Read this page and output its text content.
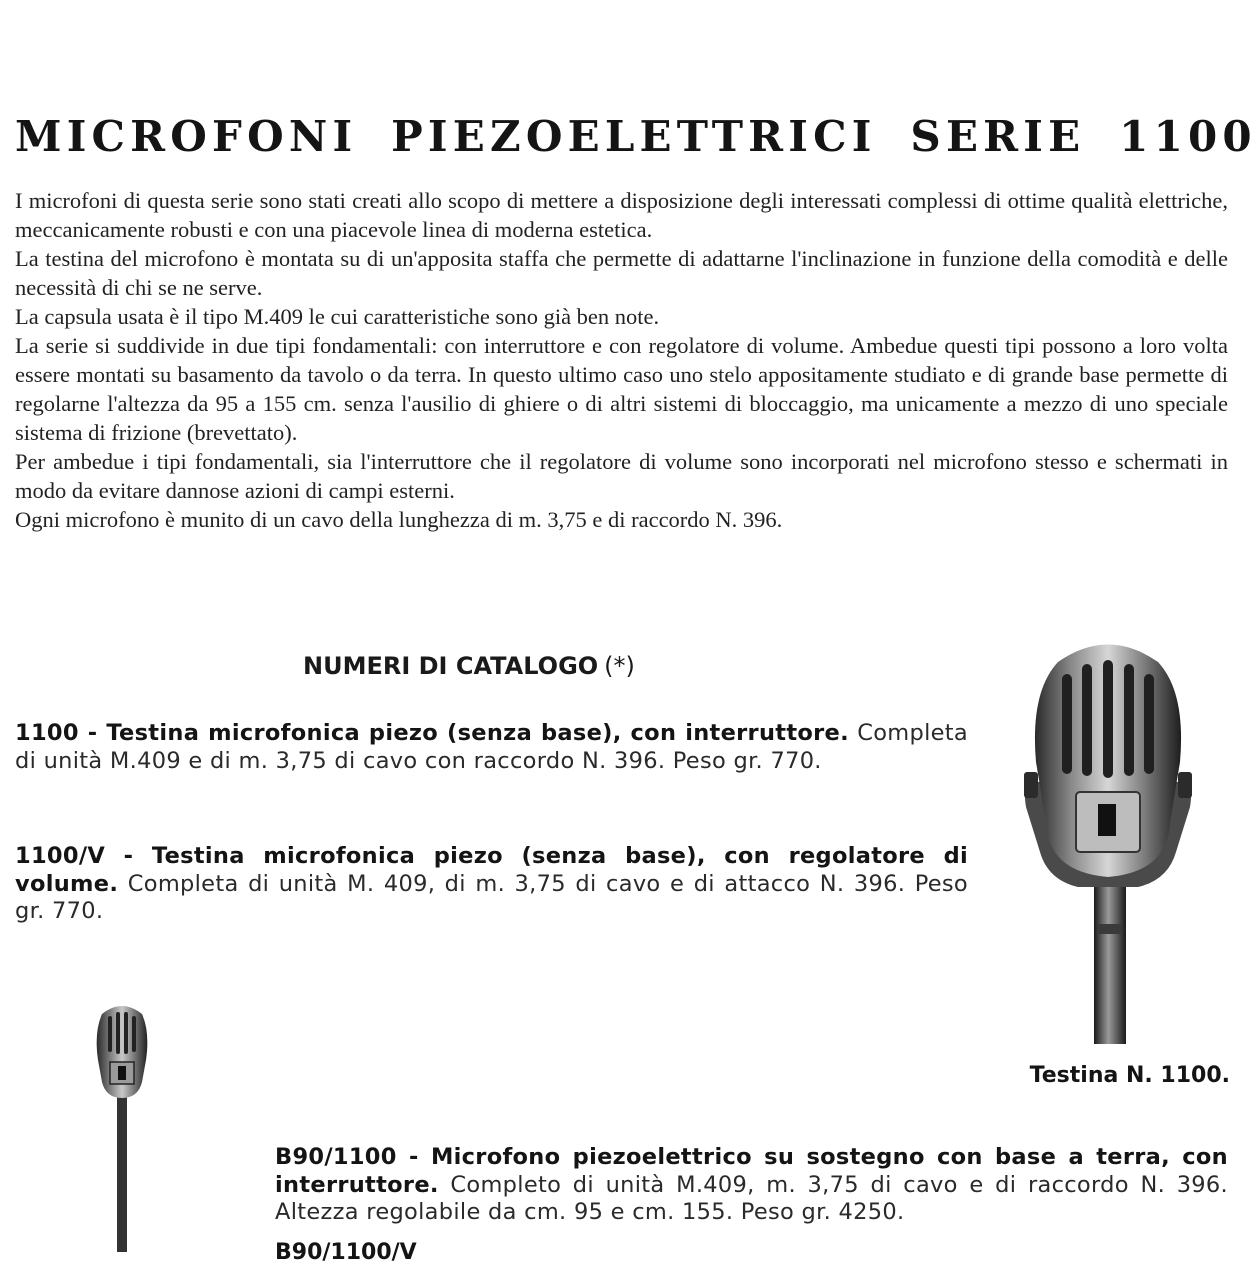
MICROFONI PIEZOELETTRICI SERIE 1100

I microfoni di questa serie sono stati creati allo scopo di mettere a disposizione degli interessati complessi di ottime qualità elettriche, meccanicamente robusti e con una piacevole linea di moderna estetica.

La testina del microfono è montata su di un'apposita staffa che permette di adattarne l'inclinazione in funzione della comodità e delle necessità di chi se ne serve.

La capsula usata è il tipo M.409 le cui caratteristiche sono già ben note.

La serie si suddivide in due tipi fondamentali: con interruttore e con regolatore di volume. Ambedue questi tipi possono a loro volta essere montati su basamento da tavolo o da terra. In questo ultimo caso uno stelo appositamente studiato e di grande base permette di regolarne l'altezza da 95 a 155 cm. senza l'ausilio di ghiere o di altri sistemi di bloccaggio, ma unicamente a mezzo di uno speciale sistema di frizione (brevettato).

Per ambedue i tipi fondamentali, sia l'interruttore che il regolatore di volume sono incorporati nel microfono stesso e schermati in modo da evitare dannose azioni di campi esterni.

Ogni microfono è munito di un cavo della lunghezza di m. 3,75 e di raccordo N. 396.

NUMERI DI CATALOGO (*)

1100 - Testina microfonica piezo (senza base), con interruttore. Completa di unità M.409 e di m. 3,75 di cavo con raccordo N. 396. Peso gr. 770.

1100/V - Testina microfonica piezo (senza base), con regolatore di volume. Completa di unità M. 409, di m. 3,75 di cavo e di attacco N. 396. Peso gr. 770.

Testina N. 1100.

B90/1100 - Microfono piezoelettrico su sostegno con base a terra, con interruttore. Completo di unità M.409, m. 3,75 di cavo e di raccordo N. 396. Altezza regolabile da cm. 95 e cm. 155. Peso gr. 4250.

B90/1100/V
